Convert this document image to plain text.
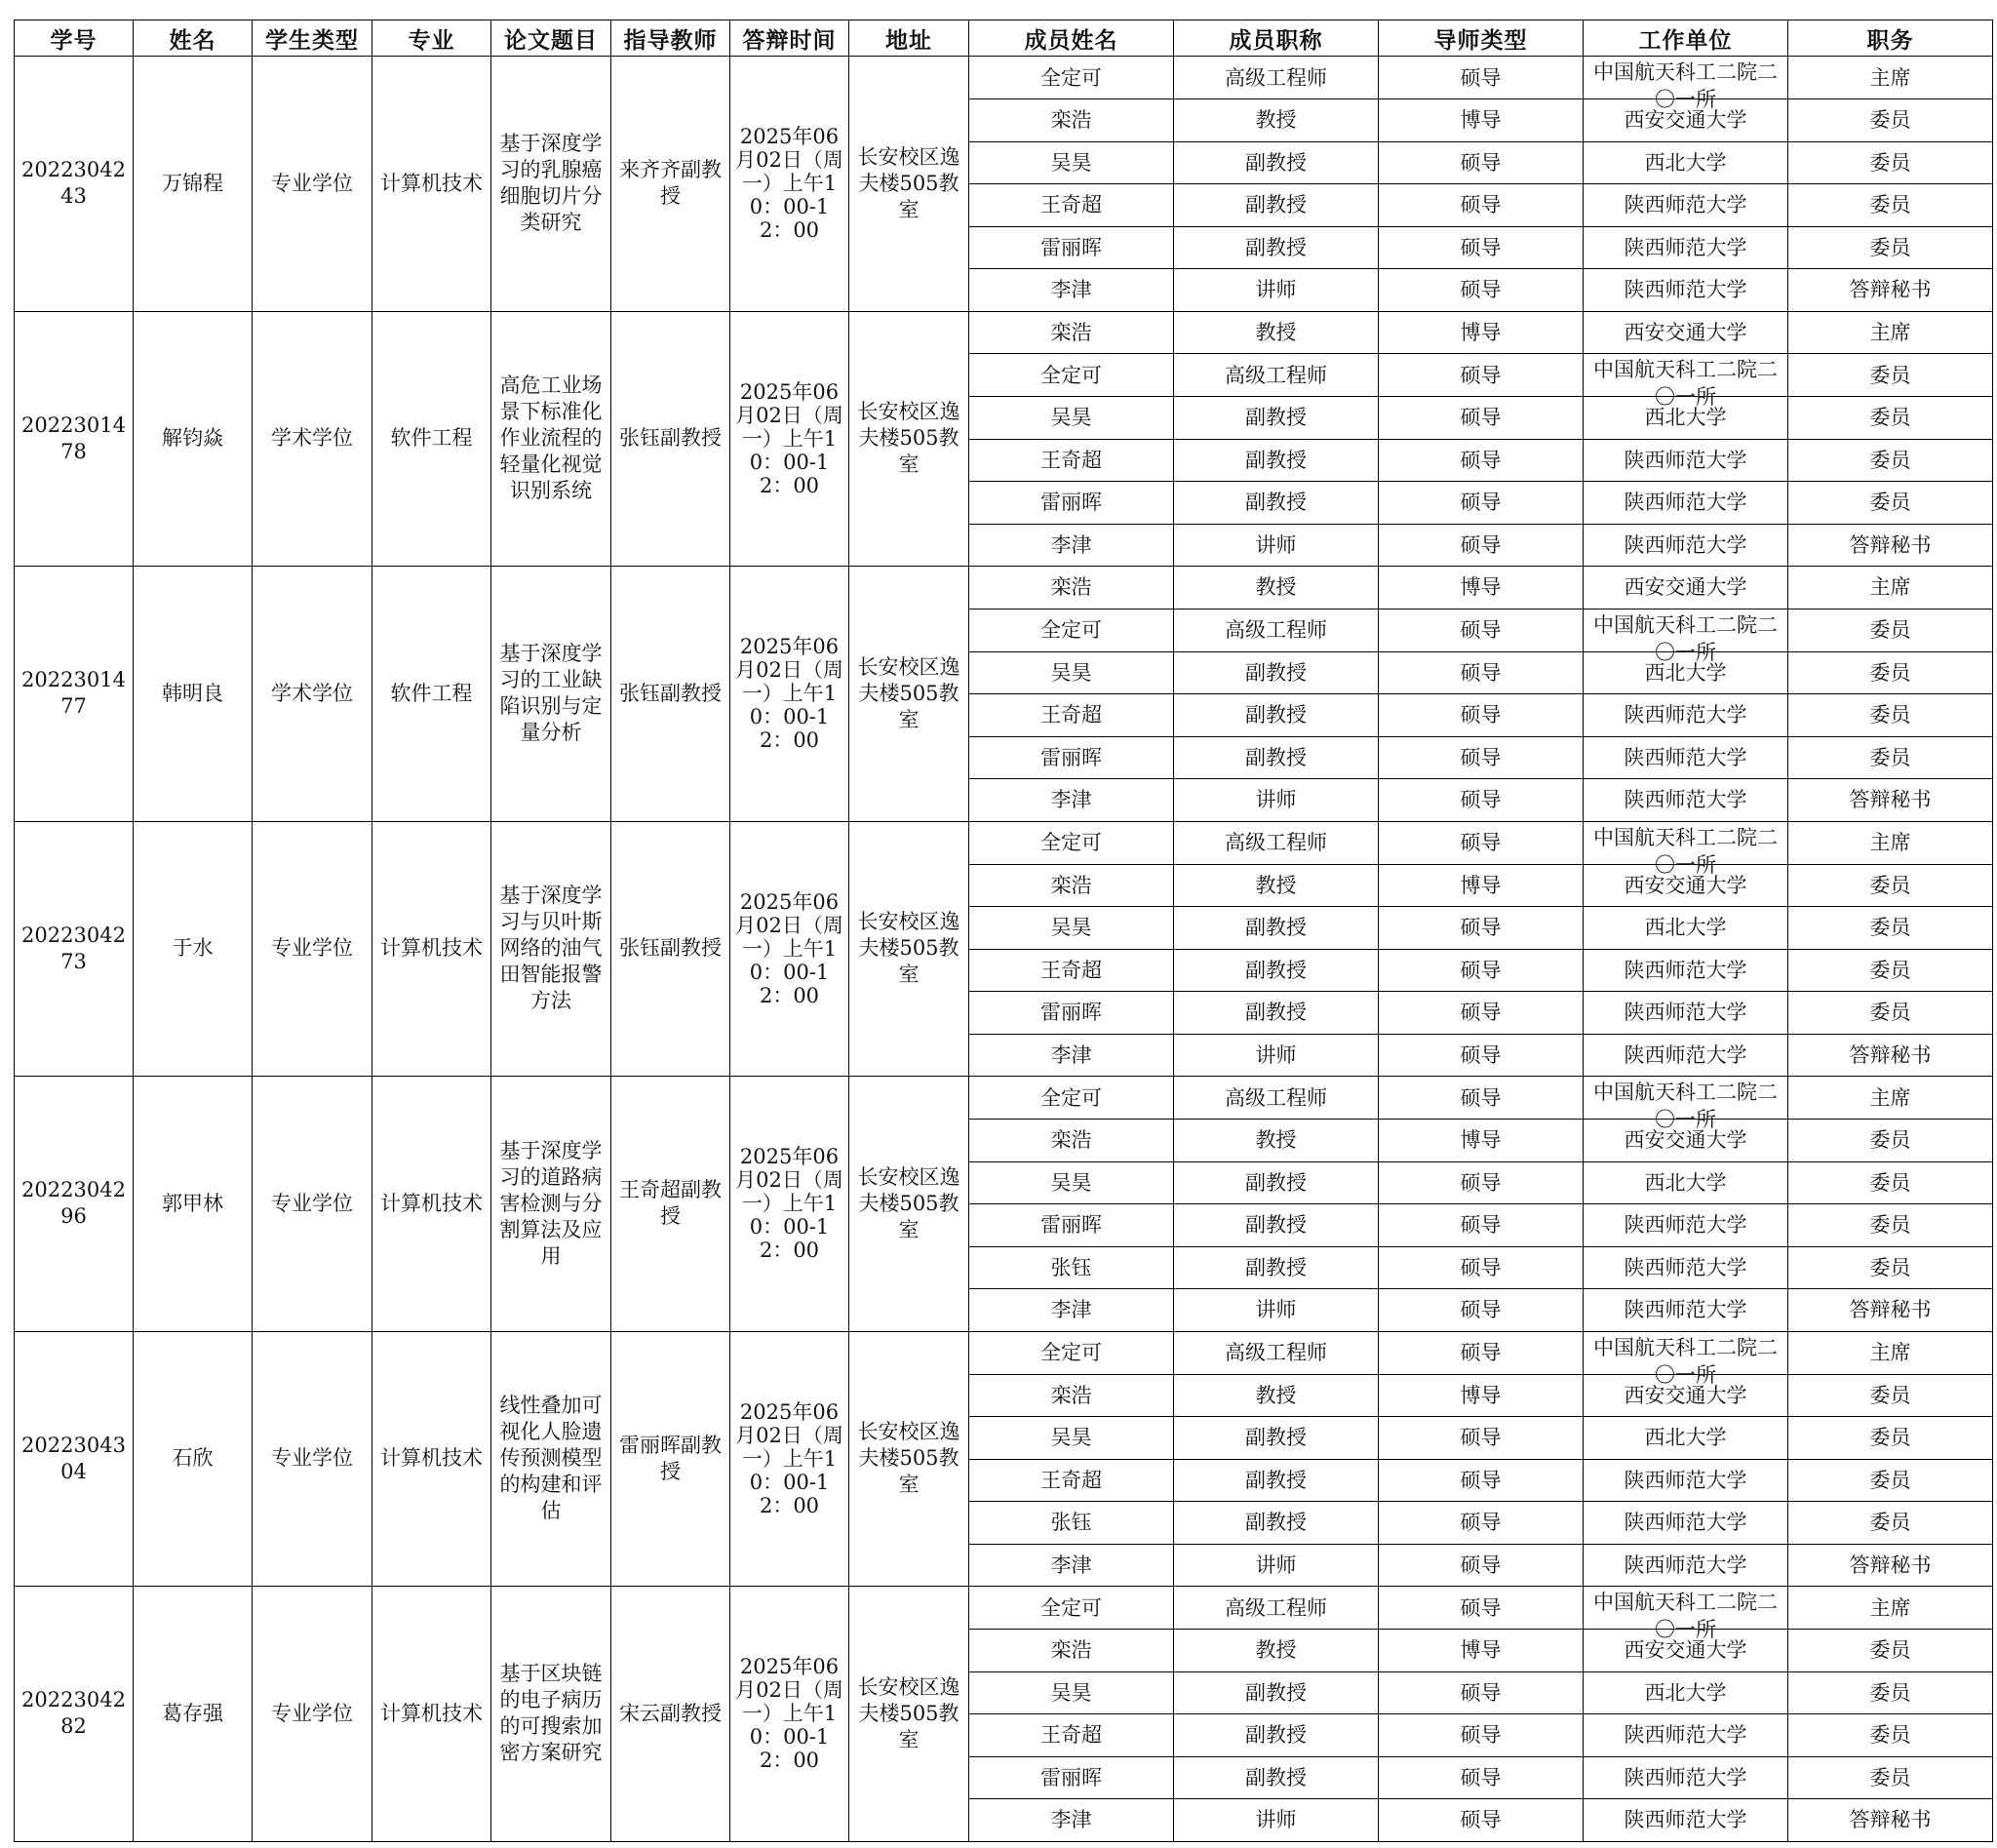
学号	姓名	学生类型	专业	论文题目	指导教师	答辩时间	地址	成员姓名	成员职称	导师类型	工作单位	职务
2022304243	万锦程	专业学位	计算机技术	基于深度学习的乳腺癌细胞切片分类研究	来齐齐副教授	2025年06月02日（周一）上午10：00-12：00	长安校区逸夫楼505教室	全定可	高级工程师	硕导	中国航天科工二院二〇一所	主席
								栾浩	教授	博导	西安交通大学	委员
								吴昊	副教授	硕导	西北大学	委员
								王奇超	副教授	硕导	陕西师范大学	委员
								雷丽晖	副教授	硕导	陕西师范大学	委员
								李津	讲师	硕导	陕西师范大学	答辩秘书
2022301478	解钧焱	学术学位	软件工程	高危工业场景下标准化作业流程的轻量化视觉识别系统	张钰副教授	2025年06月02日（周一）上午10：00-12：00	长安校区逸夫楼505教室	栾浩	教授	博导	西安交通大学	主席
								全定可	高级工程师	硕导	中国航天科工二院二〇一所	委员
								吴昊	副教授	硕导	西北大学	委员
								王奇超	副教授	硕导	陕西师范大学	委员
								雷丽晖	副教授	硕导	陕西师范大学	委员
								李津	讲师	硕导	陕西师范大学	答辩秘书
2022301477	韩明良	学术学位	软件工程	基于深度学习的工业缺陷识别与定量分析	张钰副教授	2025年06月02日（周一）上午10：00-12：00	长安校区逸夫楼505教室	栾浩	教授	博导	西安交通大学	主席
								全定可	高级工程师	硕导	中国航天科工二院二〇一所	委员
								吴昊	副教授	硕导	西北大学	委员
								王奇超	副教授	硕导	陕西师范大学	委员
								雷丽晖	副教授	硕导	陕西师范大学	委员
								李津	讲师	硕导	陕西师范大学	答辩秘书
2022304273	于水	专业学位	计算机技术	基于深度学习与贝叶斯网络的油气田智能报警方法	张钰副教授	2025年06月02日（周一）上午10：00-12：00	长安校区逸夫楼505教室	全定可	高级工程师	硕导	中国航天科工二院二〇一所	主席
								栾浩	教授	博导	西安交通大学	委员
								吴昊	副教授	硕导	西北大学	委员
								王奇超	副教授	硕导	陕西师范大学	委员
								雷丽晖	副教授	硕导	陕西师范大学	委员
								李津	讲师	硕导	陕西师范大学	答辩秘书
2022304296	郭甲林	专业学位	计算机技术	基于深度学习的道路病害检测与分割算法及应用	王奇超副教授	2025年06月02日（周一）上午10：00-12：00	长安校区逸夫楼505教室	全定可	高级工程师	硕导	中国航天科工二院二〇一所	主席
								栾浩	教授	博导	西安交通大学	委员
								吴昊	副教授	硕导	西北大学	委员
								雷丽晖	副教授	硕导	陕西师范大学	委员
								张钰	副教授	硕导	陕西师范大学	委员
								李津	讲师	硕导	陕西师范大学	答辩秘书
2022304304	石欣	专业学位	计算机技术	线性叠加可视化人脸遗传预测模型的构建和评估	雷丽晖副教授	2025年06月02日（周一）上午10：00-12：00	长安校区逸夫楼505教室	全定可	高级工程师	硕导	中国航天科工二院二〇一所	主席
								栾浩	教授	博导	西安交通大学	委员
								吴昊	副教授	硕导	西北大学	委员
								王奇超	副教授	硕导	陕西师范大学	委员
								张钰	副教授	硕导	陕西师范大学	委员
								李津	讲师	硕导	陕西师范大学	答辩秘书
2022304282	葛存强	专业学位	计算机技术	基于区块链的电子病历的可搜索加密方案研究	宋云副教授	2025年06月02日（周一）上午10：00-12：00	长安校区逸夫楼505教室	全定可	高级工程师	硕导	中国航天科工二院二〇一所	主席
								栾浩	教授	博导	西安交通大学	委员
								吴昊	副教授	硕导	西北大学	委员
								王奇超	副教授	硕导	陕西师范大学	委员
								雷丽晖	副教授	硕导	陕西师范大学	委员
								李津	讲师	硕导	陕西师范大学	答辩秘书
